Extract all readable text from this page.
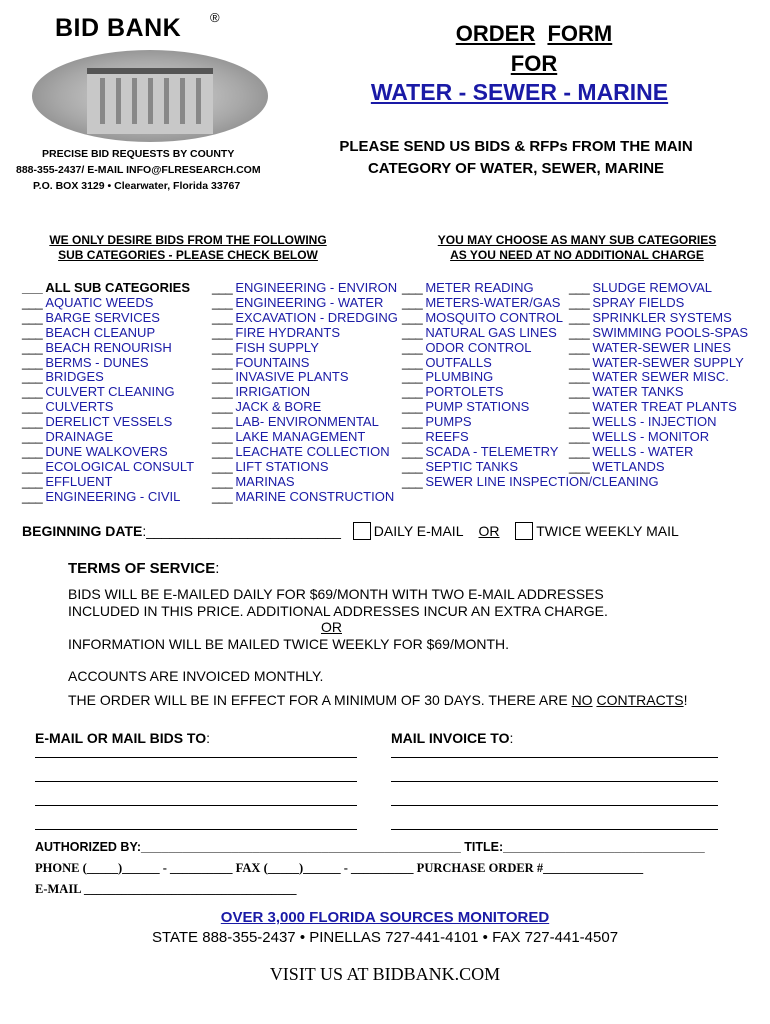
BID BANK ®
PRECISE BID REQUESTS BY COUNTY
888-355-2437/ E-MAIL INFO@FLRESEARCH.COM
P.O. BOX 3129 • Clearwater, Florida 33767
ORDER FORM
FOR
WATER - SEWER - MARINE
PLEASE SEND US BIDS & RFPs FROM THE MAIN
CATEGORY OF WATER, SEWER, MARINE
WE ONLY DESIRE BIDS FROM THE FOLLOWING
SUB CATEGORIES - PLEASE CHECK BELOW
YOU MAY CHOOSE AS MANY SUB CATEGORIES
AS YOU NEED AT NO ADDITIONAL CHARGE
___ ALL SUB CATEGORIES
___ AQUATIC WEEDS
___ BARGE SERVICES
___ BEACH CLEANUP
___ BEACH RENOURISH
___ BERMS - DUNES
___ BRIDGES
___ CULVERT CLEANING
___ CULVERTS
___ DERELICT VESSELS
___ DRAINAGE
___ DUNE WALKOVERS
___ ECOLOGICAL CONSULT
___ EFFLUENT
___ ENGINEERING - CIVIL
___ ENGINEERING - ENVIRON
___ ENGINEERING - WATER
___ EXCAVATION - DREDGING
___ FIRE HYDRANTS
___ FISH SUPPLY
___ FOUNTAINS
___ INVASIVE PLANTS
___ IRRIGATION
___ JACK & BORE
___ LAB- ENVIRONMENTAL
___ LAKE MANAGEMENT
___ LEACHATE COLLECTION
___ LIFT STATIONS
___ MARINAS
___ MARINE CONSTRUCTION
___ METER READING
___ METERS-WATER/GAS
___ MOSQUITO CONTROL
___ NATURAL GAS LINES
___ ODOR CONTROL
___ OUTFALLS
___ PLUMBING
___ PORTOLETS
___ PUMP STATIONS
___ PUMPS
___ REEFS
___ SCADA - TELEMETRY
___ SEPTIC TANKS
___ SEWER LINE INSPECTION/CLEANING
___ SLUDGE REMOVAL
___ SPRAY FIELDS
___ SPRINKLER SYSTEMS
___ SWIMMING POOLS-SPAS
___ WATER-SEWER LINES
___ WATER-SEWER SUPPLY
___ WATER SEWER MISC.
___ WATER TANKS
___ WATER TREAT PLANTS
___ WELLS - INJECTION
___ WELLS - MONITOR
___ WELLS - WATER
___ WETLANDS
BEGINNING DATE:_________________________ DAILY E-MAIL OR	TWICE WEEKLY MAIL
TERMS OF SERVICE:
BIDS WILL BE E-MAILED DAILY FOR $69/MONTH WITH TWO E-MAIL ADDRESSES
INCLUDED IN THIS PRICE. ADDITIONAL ADDRESSES INCUR AN EXTRA CHARGE.
OR
INFORMATION WILL BE MAILED TWICE WEEKLY FOR $69/MONTH.
ACCOUNTS ARE INVOICED MONTHLY.
THE ORDER WILL BE IN EFFECT FOR A MINIMUM OF 30 DAYS. THERE ARE NO CONTRACTS!
E-MAIL OR MAIL BIDS TO:	MAIL INVOICE TO:
AUTHORIZED BY:______________________________________________ TITLE:_____________________________
PHONE (_____)______ - __________ FAX (_____)______ - __________ PURCHASE ORDER #________________
E-MAIL __________________________________
OVER 3,000 FLORIDA SOURCES MONITORED
STATE 888-355-2437 • PINELLAS 727-441-4101 • FAX 727-441-4507
VISIT US AT BIDBANK.COM
